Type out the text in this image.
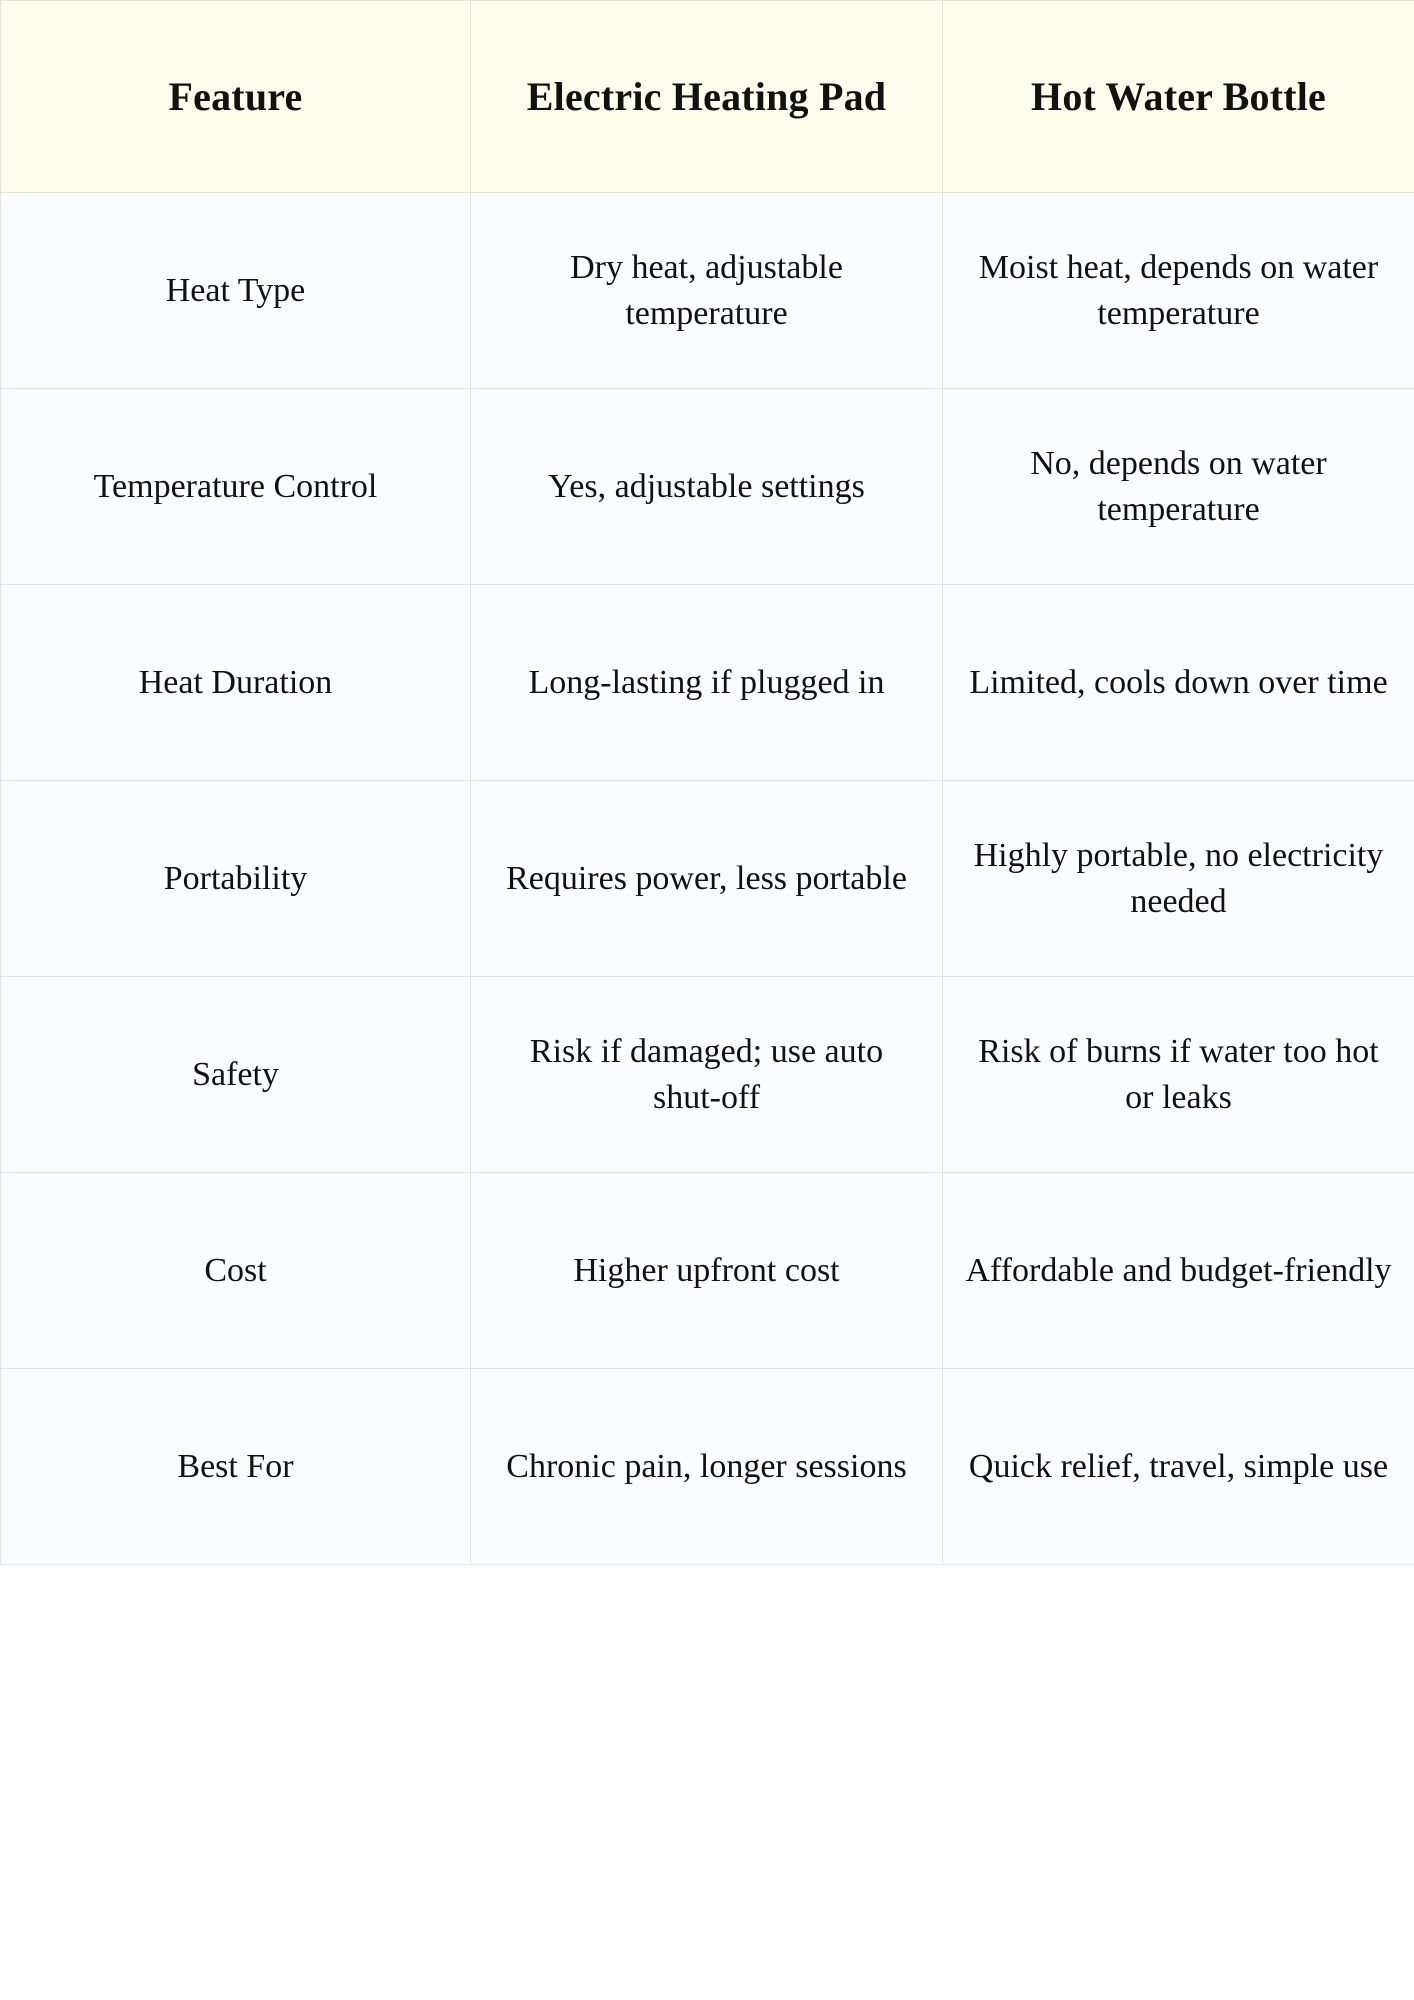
Feature	Electric Heating Pad	Hot Water Bottle
Heat Type	Dry heat, adjustable temperature	Moist heat, depends on water temperature
Temperature Control	Yes, adjustable settings	No, depends on water temperature
Heat Duration	Long-lasting if plugged in	Limited, cools down over time
Portability	Requires power, less portable	Highly portable, no electricity needed
Safety	Risk if damaged; use auto shut-off	Risk of burns if water too hot or leaks
Cost	Higher upfront cost	Affordable and budget-friendly
Best For	Chronic pain, longer sessions	Quick relief, travel, simple use
